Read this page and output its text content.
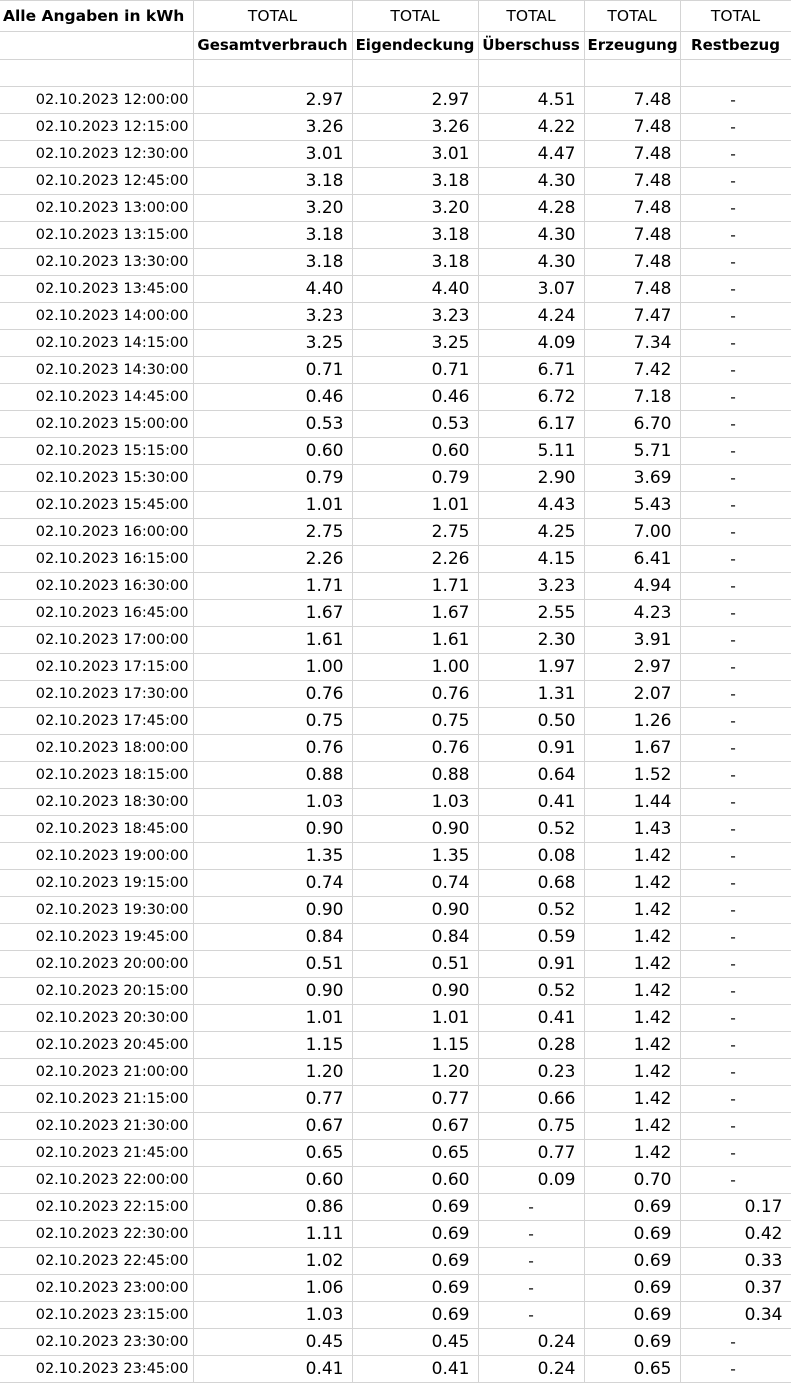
Alle Angaben in kWh	TOTAL	TOTAL	TOTAL	TOTAL	TOTAL
	Gesamtverbrauch	Eigendeckung	Überschuss	Erzeugung	Restbezug

02.10.2023 12:00:00	2.97	2.97	4.51	7.48	-
02.10.2023 12:15:00	3.26	3.26	4.22	7.48	-
02.10.2023 12:30:00	3.01	3.01	4.47	7.48	-
02.10.2023 12:45:00	3.18	3.18	4.30	7.48	-
02.10.2023 13:00:00	3.20	3.20	4.28	7.48	-
02.10.2023 13:15:00	3.18	3.18	4.30	7.48	-
02.10.2023 13:30:00	3.18	3.18	4.30	7.48	-
02.10.2023 13:45:00	4.40	4.40	3.07	7.48	-
02.10.2023 14:00:00	3.23	3.23	4.24	7.47	-
02.10.2023 14:15:00	3.25	3.25	4.09	7.34	-
02.10.2023 14:30:00	0.71	0.71	6.71	7.42	-
02.10.2023 14:45:00	0.46	0.46	6.72	7.18	-
02.10.2023 15:00:00	0.53	0.53	6.17	6.70	-
02.10.2023 15:15:00	0.60	0.60	5.11	5.71	-
02.10.2023 15:30:00	0.79	0.79	2.90	3.69	-
02.10.2023 15:45:00	1.01	1.01	4.43	5.43	-
02.10.2023 16:00:00	2.75	2.75	4.25	7.00	-
02.10.2023 16:15:00	2.26	2.26	4.15	6.41	-
02.10.2023 16:30:00	1.71	1.71	3.23	4.94	-
02.10.2023 16:45:00	1.67	1.67	2.55	4.23	-
02.10.2023 17:00:00	1.61	1.61	2.30	3.91	-
02.10.2023 17:15:00	1.00	1.00	1.97	2.97	-
02.10.2023 17:30:00	0.76	0.76	1.31	2.07	-
02.10.2023 17:45:00	0.75	0.75	0.50	1.26	-
02.10.2023 18:00:00	0.76	0.76	0.91	1.67	-
02.10.2023 18:15:00	0.88	0.88	0.64	1.52	-
02.10.2023 18:30:00	1.03	1.03	0.41	1.44	-
02.10.2023 18:45:00	0.90	0.90	0.52	1.43	-
02.10.2023 19:00:00	1.35	1.35	0.08	1.42	-
02.10.2023 19:15:00	0.74	0.74	0.68	1.42	-
02.10.2023 19:30:00	0.90	0.90	0.52	1.42	-
02.10.2023 19:45:00	0.84	0.84	0.59	1.42	-
02.10.2023 20:00:00	0.51	0.51	0.91	1.42	-
02.10.2023 20:15:00	0.90	0.90	0.52	1.42	-
02.10.2023 20:30:00	1.01	1.01	0.41	1.42	-
02.10.2023 20:45:00	1.15	1.15	0.28	1.42	-
02.10.2023 21:00:00	1.20	1.20	0.23	1.42	-
02.10.2023 21:15:00	0.77	0.77	0.66	1.42	-
02.10.2023 21:30:00	0.67	0.67	0.75	1.42	-
02.10.2023 21:45:00	0.65	0.65	0.77	1.42	-
02.10.2023 22:00:00	0.60	0.60	0.09	0.70	-
02.10.2023 22:15:00	0.86	0.69	-	0.69	0.17
02.10.2023 22:30:00	1.11	0.69	-	0.69	0.42
02.10.2023 22:45:00	1.02	0.69	-	0.69	0.33
02.10.2023 23:00:00	1.06	0.69	-	0.69	0.37
02.10.2023 23:15:00	1.03	0.69	-	0.69	0.34
02.10.2023 23:30:00	0.45	0.45	0.24	0.69	-
02.10.2023 23:45:00	0.41	0.41	0.24	0.65	-
